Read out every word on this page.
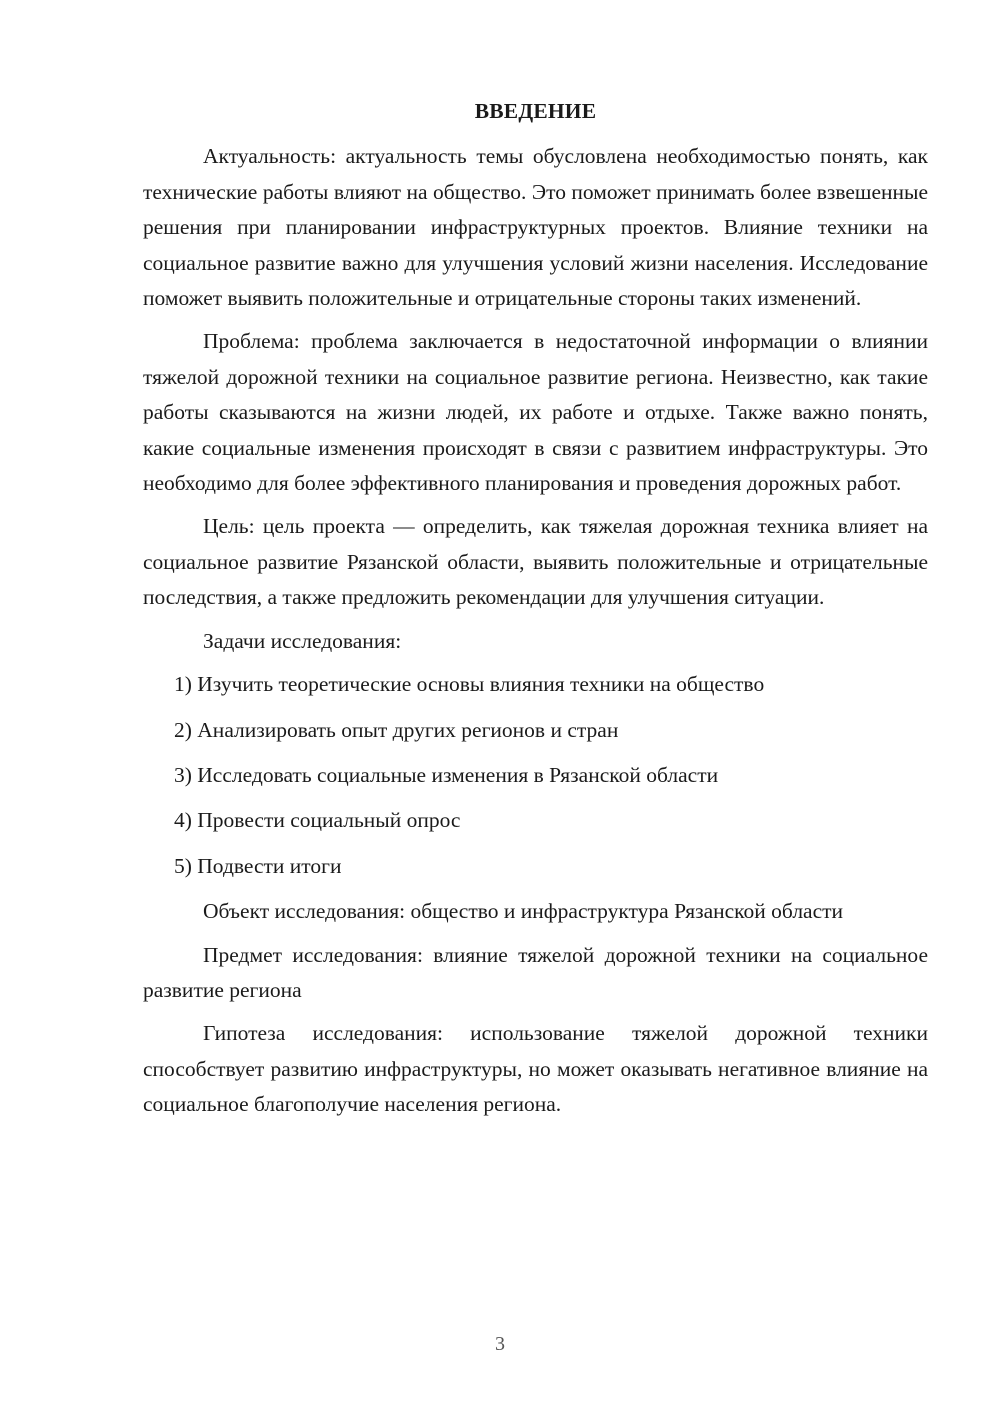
ВВЕДЕНИЕ

Актуальность: актуальность темы обусловлена необходимостью понять, как технические работы влияют на общество. Это поможет принимать более взвешенные решения при планировании инфраструктурных проектов. Влияние техники на социальное развитие важно для улучшения условий жизни населения. Исследование поможет выявить положительные и отрицательные стороны таких изменений.

Проблема: проблема заключается в недостаточной информации о влиянии тяжелой дорожной техники на социальное развитие региона. Неизвестно, как такие работы сказываются на жизни людей, их работе и отдыхе. Также важно понять, какие социальные изменения происходят в связи с развитием инфраструктуры. Это необходимо для более эффективного планирования и проведения дорожных работ.

Цель: цель проекта — определить, как тяжелая дорожная техника влияет на социальное развитие Рязанской области, выявить положительные и отрицательные последствия, а также предложить рекомендации для улучшения ситуации.

Задачи исследования:

1) Изучить теоретические основы влияния техники на общество
2) Анализировать опыт других регионов и стран
3) Исследовать социальные изменения в Рязанской области
4) Провести социальный опрос
5) Подвести итоги

Объект исследования: общество и инфраструктура Рязанской области

Предмет исследования: влияние тяжелой дорожной техники на социальное развитие региона

Гипотеза исследования: использование тяжелой дорожной техники способствует развитию инфраструктуры, но может оказывать негативное влияние на социальное благополучие населения региона.

3
